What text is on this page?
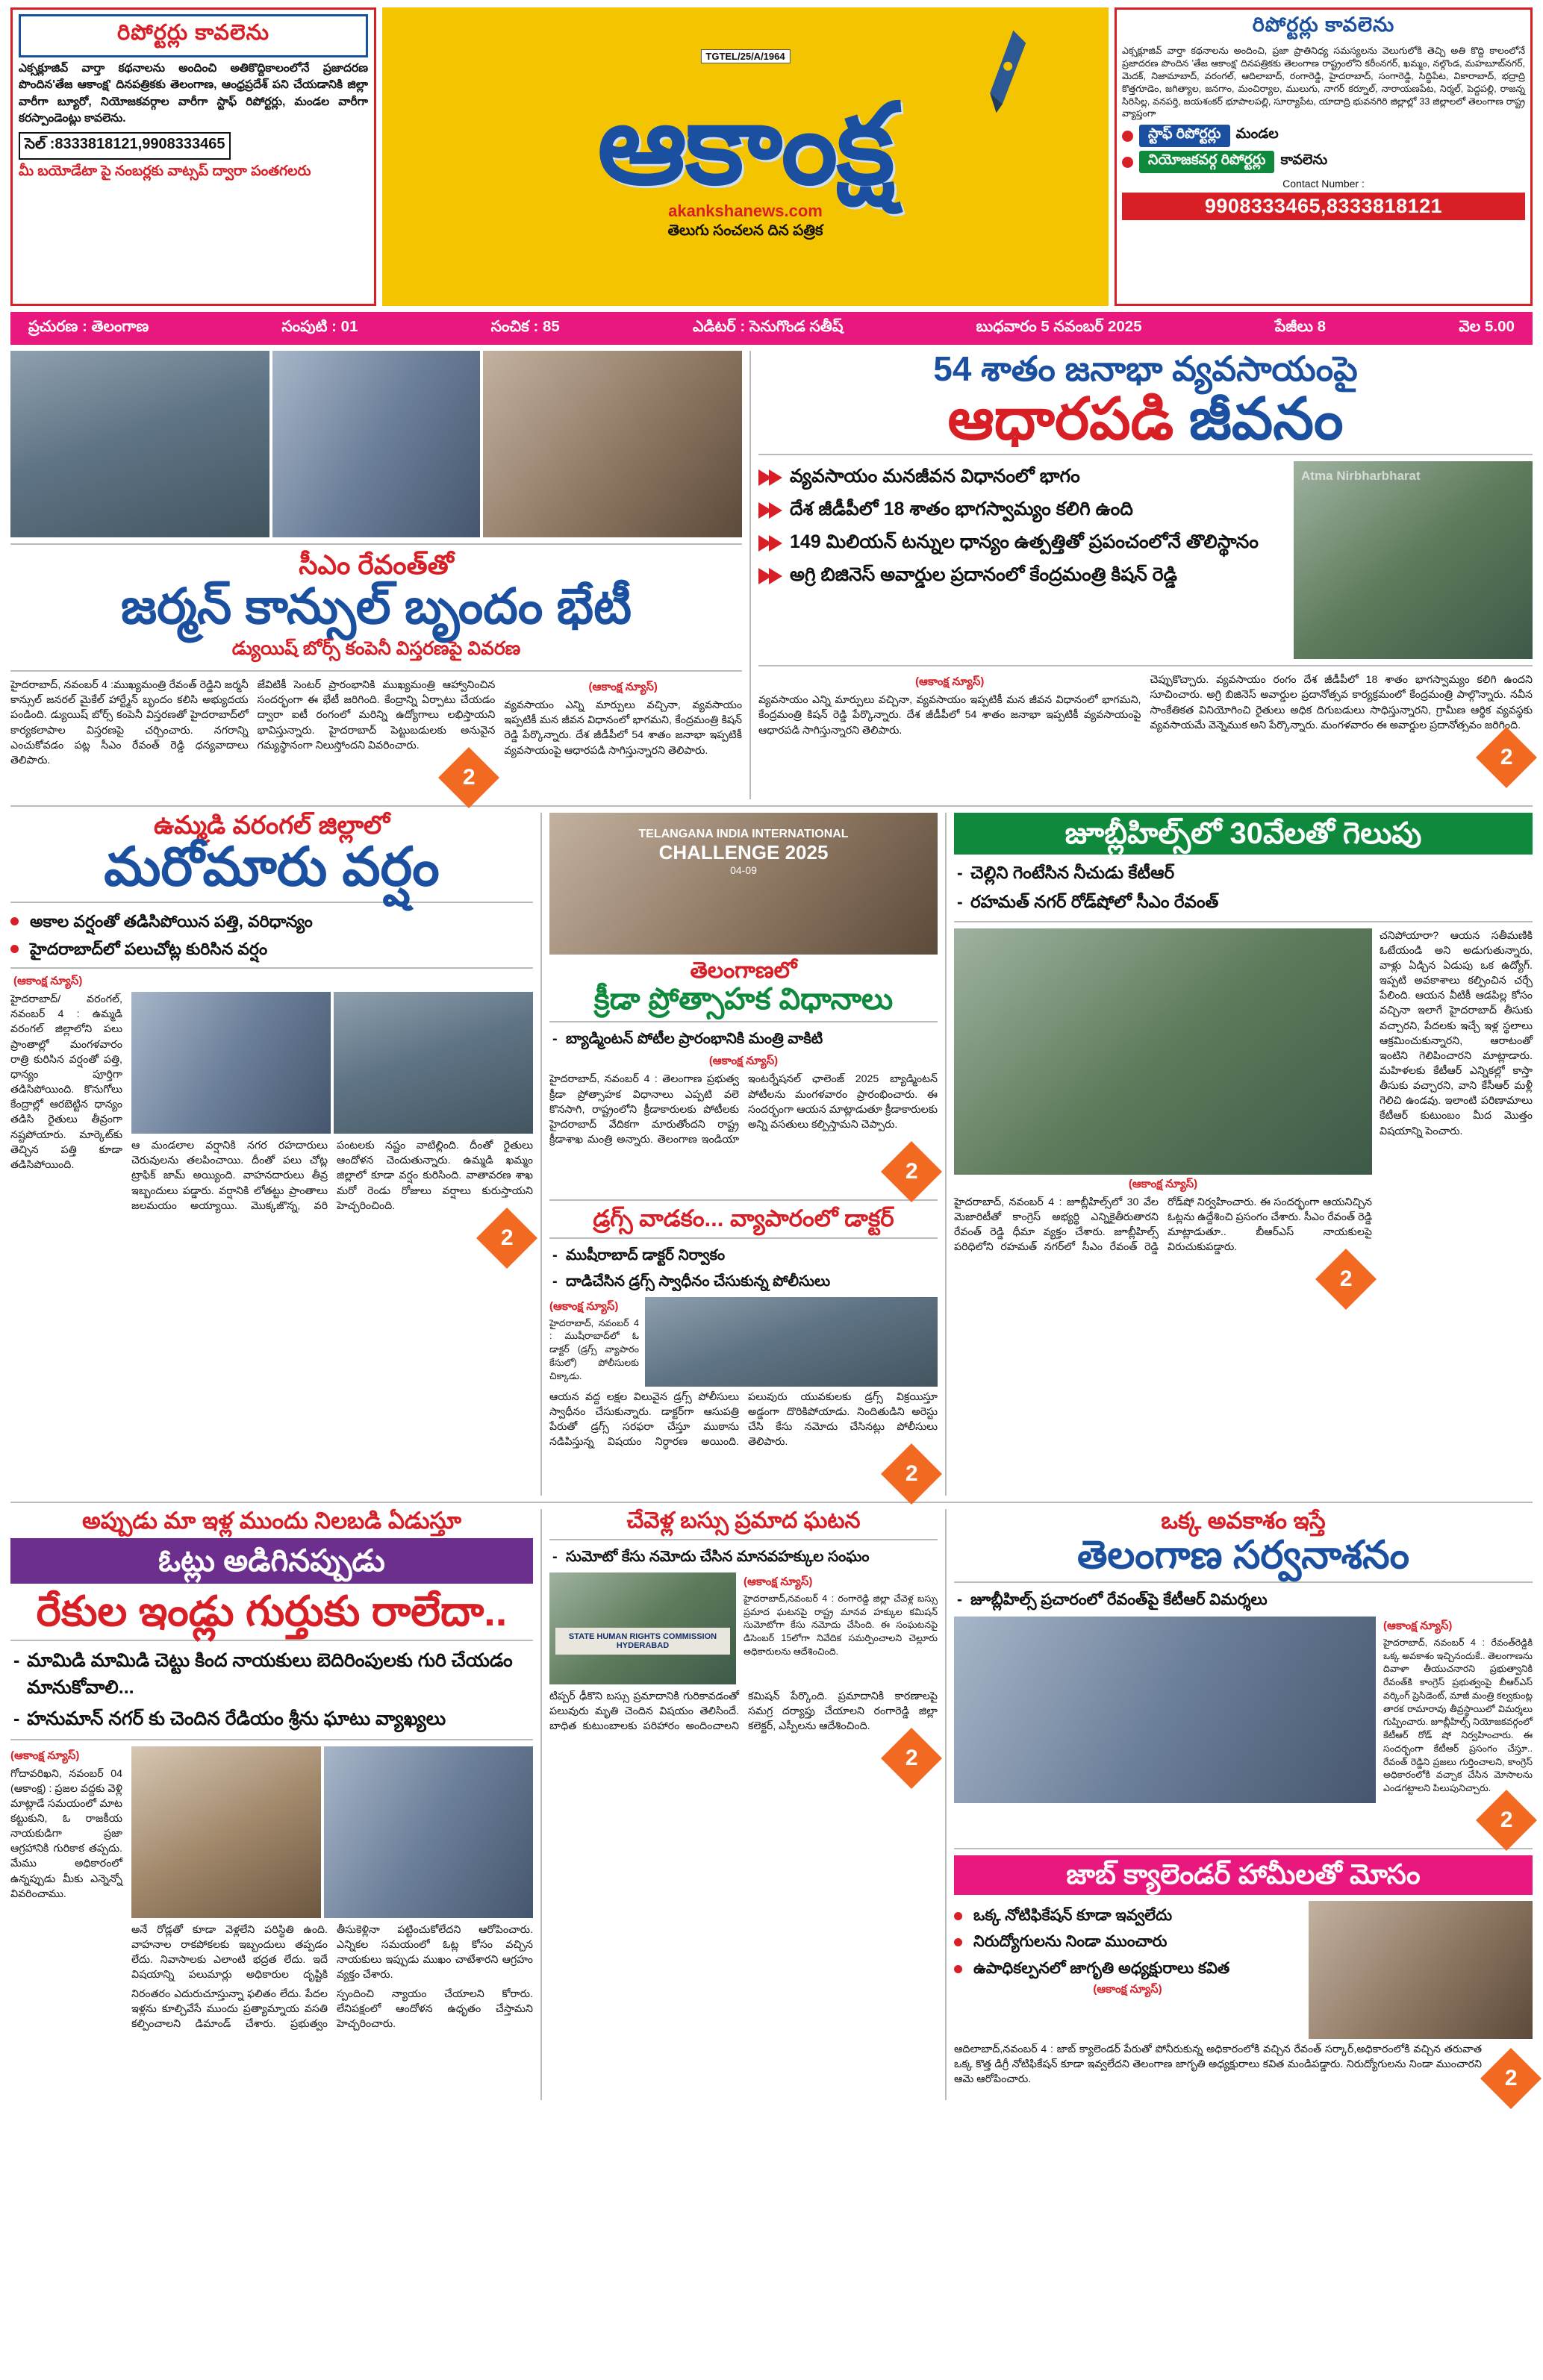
రిపోర్టర్లు కావలెను
ఎక్సక్లూజివ్ వార్తా కథనాలను అందించి అతికొద్దికాలంలోనే ప్రజాదరణ పొందిన'తేజ ఆకాంక్ష' దినపత్రికకు తెలంగాణ, ఆంధ్రప్రదేశ్ పని చేయడానికి జిల్లా వారీగా బ్యూరో, నియోజకవర్గాల వారీగా స్టాఫ్ రిపోర్టర్లు, మండల వారీగా కరస్పాండెంట్లు కావలెను.
సెల్ :8333818121,9908333465
మీ బయోడేటా పై నంబర్లకు వాట్సప్ ద్వారా పంతగలరు
TGTEL/25/A/1964
ఆకాంక్ష
akankshanews.com
తెలుగు సంచలన దిన పత్రిక
రిపోర్టర్లు కావలెను
ఎక్సక్లూజివ్ వార్తా కథనాలను అందించి, ప్రజా ప్రాతినిధ్య సమస్యలను వెలుగులోకి తెచ్చి అతి కొద్ది కాలంలోనే ప్రజాదరణ పొందిన 'తేజ ఆకాంక్ష' దినపత్రికకు తెలంగాణ రాష్ట్రంలోని కరీంనగర్, ఖమ్మం, నల్గొండ, మహబూబ్‌నగర్, మెదక్, నిజామాబాద్, వరంగల్, ఆదిలాబాద్, రంగారెడ్డి, హైదరాబాద్, సంగారెడ్డి, సిద్ధిపేట, వికారాబాద్, భద్రాద్రి కొత్తగూడెం, జగిత్యాల, జనగాం, మంచిర్యాల, ములుగు, నాగర్ కర్నూల్, నారాయణపేట, నిర్మల్, పెద్దపల్లి, రాజన్న సిరిసిల్ల, వనపర్తి, జయశంకర్ భూపాలపల్లి, సూర్యాపేట, యాదాద్రి భువనగిరి జిల్లాల్లో 33 జిల్లాలలో తెలంగాణ రాష్ట్ర వ్యాప్తంగా
స్టాఫ్ రిపోర్టర్లు	మండల
నియోజకవర్గ రిపోర్టర్లు	కావలెను
Contact Number :
9908333465,8333818121
ప్రచురణ : తెలంగాణ	సంపుటి : 01	సంచిక : 85	ఎడిటర్ : సెనుగొండ సతీష్	బుధవారం 5 నవంబర్ 2025	పేజీలు 8	వెల 5.00
సీఎం రేవంత్‌తో
జర్మన్ కాన్సుల్ బృందం భేటీ
డ్యుయిష్ బోర్స్ కంపెనీ విస్తరణపై వివరణ
హైదరాబాద్, నవంబర్ 4 :ముఖ్యమంత్రి రేవంత్ రెడ్డిని జర్మనీ కాన్సుల్ జనరల్ మైకేల్ హార్ట్మేన్ బృందం కలిసి అభ్యుదయ పండింది. డ్యుయిష్ బోర్స్ కంపెనీ విస్తరణతో హైదరాబాద్‌లో కార్యకలాపాల విస్తరణపై చర్చించారు. నగరాన్ని ఎంచుకోవడం పట్ల సీఎం రేవంత్ రెడ్డి ధన్యవాదాలు తెలిపారు.
జేవిటికీ సెంటర్ ప్రారంభానికి ముఖ్యమంత్రి ఆహ్వానించిన సందర్భంగా ఈ భేటీ జరిగింది. కేంద్రాన్ని ఏర్పాటు చేయడం ద్వారా ఐటీ రంగంలో మరిన్ని ఉద్యోగాలు లభిస్తాయని భావిస్తున్నారు. హైదరాబాద్ పెట్టుబడులకు అనువైన గమ్యస్థానంగా నిలుస్తోందని వివరించారు.
2
(ఆకాంక్ష న్యూస్)
వ్యవసాయం ఎన్ని మార్పులు వచ్చినా, వ్యవసాయం ఇప్పటికీ మన జీవన విధానంలో భాగమని, కేంద్రమంత్రి కిషన్ రెడ్డి పేర్కొన్నారు. దేశ జీడీపీలో 54 శాతం జనాభా ఇప్పటికీ వ్యవసాయంపై ఆధారపడి సాగిస్తున్నారని తెలిపారు.
54 శాతం జనాభా వ్యవసాయంపై
ఆధారపడి జీవనం
వ్యవసాయం మనజీవన విధానంలో భాగం
దేశ జీడీపీలో 18 శాతం భాగస్వామ్యం కలిగి ఉంది
149 మిలియన్ టన్నుల ధాన్యం ఉత్పత్తితో ప్రపంచంలోనే తొలిస్థానం
అగ్రి బిజినెస్ అవార్డుల ప్రదానంలో కేంద్రమంత్రి కిషన్ రెడ్డి
Atma Nirbharbharat
(ఆకాంక్ష న్యూస్)
వ్యవసాయం ఎన్ని మార్పులు వచ్చినా, వ్యవసాయం ఇప్పటికీ మన జీవన విధానంలో భాగమని, కేంద్రమంత్రి కిషన్ రెడ్డి పేర్కొన్నారు. దేశ జీడీపీలో 54 శాతం జనాభా ఇప్పటికీ వ్యవసాయంపై ఆధారపడి సాగిస్తున్నారని తెలిపారు.
చెప్పుకొచ్చారు. వ్యవసాయం రంగం దేశ జీడీపీలో 18 శాతం భాగస్వామ్యం కలిగి ఉందని సూచించారు. అగ్రి బిజినెస్ అవార్డుల ప్రదానోత్సవ కార్యక్రమంలో కేంద్రమంత్రి పాల్గొన్నారు. నవీన సాంకేతికత వినియోగించి రైతులు అధిక దిగుబడులు సాధిస్తున్నారని, గ్రామీణ ఆర్థిక వ్యవస్థకు వ్యవసాయమే వెన్నెముక అని పేర్కొన్నారు. మంగళవారం ఈ అవార్డుల ప్రదానోత్సవం జరిగింది.
2
ఉమ్మడి వరంగల్ జిల్లాలో
మరోమారు వర్షం
అకాల వర్షంతో తడిసిపోయిన పత్తి, వరిధాన్యం
హైదరాబాద్‌లో పలుచోట్ల కురిసిన వర్షం
(ఆకాంక్ష న్యూస్)
హైదరాబాద్/ వరంగల్, నవంబర్ 4 : ఉమ్మడి వరంగల్ జిల్లాలోని పలు ప్రాంతాల్లో మంగళవారం రాత్రి కురిసిన వర్షంతో పత్తి, ధాన్యం పూర్తిగా తడిసిపోయింది. కొనుగోలు కేంద్రాల్లో ఆరబెట్టిన ధాన్యం తడిసి రైతులు తీవ్రంగా నష్టపోయారు. మార్కెట్‌కు తెచ్చిన పత్తి కూడా తడిసిపోయింది.
ఆ మండలాల వర్షానికి నగర రహదారులు చెరువులను తలపించాయి. దీంతో పలు చోట్ల ట్రాఫిక్ జామ్ అయ్యింది. వాహనదారులు తీవ్ర ఇబ్బందులు పడ్డారు. వర్షానికి లోతట్టు ప్రాంతాలు జలమయం అయ్యాయి. మొక్కజొన్న, వరి పంటలకు నష్టం వాటిల్లింది. దీంతో రైతులు ఆందోళన చెందుతున్నారు. ఉమ్మడి ఖమ్మం జిల్లాలో కూడా వర్షం కురిసింది. వాతావరణ శాఖ మరో రెండు రోజులు వర్షాలు కురుస్తాయని హెచ్చరించింది.
2
TELANGANA INDIA INTERNATIONAL
CHALLENGE 2025
04-09
తెలంగాణలో
క్రీడా ప్రోత్సాహక విధానాలు
- బ్యాడ్మింటన్ పోటీల ప్రారంభానికి మంత్రి వాకిటి
(ఆకాంక్ష న్యూస్)
హైదరాబాద్, నవంబర్ 4 : తెలంగాణ ప్రభుత్వ క్రీడా ప్రోత్సాహక విధానాలు ఎప్పటి వలె కొనసాగి, రాష్ట్రంలోని క్రీడాకారులకు పోటీలకు హైదరాబాద్ వేదికగా మారుతోందని రాష్ట్ర క్రీడాశాఖ మంత్రి అన్నారు. తెలంగాణ ఇండియా ఇంటర్నేషనల్ ఛాలెంజ్ 2025 బ్యాడ్మింటన్ పోటీలను మంగళవారం ప్రారంభించారు. ఈ సందర్భంగా ఆయన మాట్లాడుతూ క్రీడాకారులకు అన్ని వసతులు కల్పిస్తామని చెప్పారు.
2
డ్రగ్స్ వాడకం... వ్యాపారంలో డాక్టర్
- ముషీరాబాద్ డాక్టర్ నిర్వాకం
- దాడిచేసిన డ్రగ్స్ స్వాధీనం చేసుకున్న పోలీసులు
(ఆకాంక్ష న్యూస్)
హైదరాబాద్, నవంబర్ 4 : ముషీరాబాద్‌లో ఓ డాక్టర్ (డ్రగ్స్ వ్యాపారం కేసులో) పోలీసులకు చిక్కాడు.
ఆయన వద్ద లక్షల విలువైన డ్రగ్స్ పోలీసులు స్వాధీనం చేసుకున్నారు. డాక్టర్‌గా ఆసుపత్రి పేరుతో డ్రగ్స్ సరఫరా చేస్తూ ముఠాను నడిపిస్తున్న విషయం నిర్ధారణ అయింది. పలువురు యువకులకు డ్రగ్స్ విక్రయిస్తూ అడ్డంగా దొరికిపోయాడు. నిందితుడిని అరెస్టు చేసి కేసు నమోదు చేసినట్లు పోలీసులు తెలిపారు.
2
జూబ్లీహిల్స్‌లో 30వేలతో గెలుపు
- చెల్లిని గెంటేసిన నీచుడు కేటీఆర్
- రహమత్ నగర్ రోడ్‌షోలో సీఎం రేవంత్
(ఆకాంక్ష న్యూస్)
హైదరాబాద్, నవంబర్ 4 : జూబ్లీహిల్స్‌లో 30 వేల మెజారిటీతో కాంగ్రెస్ అభ్యర్థి ఎన్నికైతీరుతారని రేవంత్ రెడ్డి ధీమా వ్యక్తం చేశారు. జూబ్లీహిల్స్ పరిధిలోని రహమత్ నగర్‌లో సీఎం రేవంత్ రెడ్డి రోడ్‌షో నిర్వహించారు. ఈ సందర్భంగా ఆయనిచ్చిన ఓట్లను ఉద్దేశించి ప్రసంగం చేశారు. సీఎం రేవంత్ రెడ్డి మాట్లాడుతూ.. బీఆర్ఎస్ నాయకులపై విరుచుకుపడ్డారు.
2
చనిపోయారా? ఆయన సతీమణికి ఓటేయండి అని అడుగుతున్నారు, వాళ్లు ఏడ్చిన ఏడుపు ఒక ఉద్యోగ్. ఇప్పటి అవకాశాలు కల్పించిన చర్చే పేలింది. ఆయన వీటికీ ఆడపిల్ల కోసం వచ్చినా ఇలాగే హైదరాబాద్ తీసుకు వచ్చారని, పేదలకు ఇచ్చే ఇళ్ల స్థలాలు ఆక్రమించుకున్నారని, ఆరాటంతో ఇంటిని గెలిపించారని మాట్లాడారు. మహిళలకు కేటీఆర్ ఎన్నికల్లో కాస్తా తీసుకు వచ్చారని, వాని కేసీఆర్ మళ్లీ గెలిచి ఉండవు. ఇలాంటి పరిణామాలు కేటీఆర్ కుటుంబం మీద మొత్తం విషయాన్ని పెంచారు.
అప్పుడు మా ఇళ్ల ముందు నిలబడి ఏడుస్తూ
ఓట్లు అడిగినప్పుడు
రేకుల ఇండ్లు గుర్తుకు రాలేదా..
- మామిడి మామిడి చెట్టు కింద నాయకులు బెదిరింపులకు గురి చేయడం మానుకోవాలి...
- హనుమాన్ నగర్ కు చెందిన రేడియం శ్రీను ఘాటు వ్యాఖ్యలు
(ఆకాంక్ష న్యూస్)
గోదావరిఖని, నవంబర్ 04 (ఆకాంక్ష) : ప్రజల వద్దకు వెళ్లి మాట్లాడే సమయంలో మాట కట్టుకుని, ఓ రాజకీయ నాయకుడిగా ప్రజా ఆగ్రహానికి గురికాక తప్పదు. మేము అధికారంలో ఉన్నప్పుడు మీకు ఎన్నెన్నో వివరించాము.
అనే రోడ్లతో కూడా వెళ్లలేని పరిస్థితి ఉంది. వాహనాల రాకపోకలకు ఇబ్బందులు తప్పడం లేదు. నివాసాలకు ఎలాంటి భద్రత లేదు. ఇదే విషయాన్ని పలుమార్లు అధికారుల దృష్టికి తీసుకెళ్లినా పట్టించుకోలేదని ఆరోపించారు. ఎన్నికల సమయంలో ఓట్ల కోసం వచ్చిన నాయకులు ఇప్పుడు ముఖం చాటేశారని ఆగ్రహం వ్యక్తం చేశారు.
నిరంతరం ఎదురుచూస్తున్నా ఫలితం లేదు. పేదల ఇళ్లను కూల్చివేసే ముందు ప్రత్యామ్నాయ వసతి కల్పించాలని డిమాండ్ చేశారు. ప్రభుత్వం స్పందించి న్యాయం చేయాలని కోరారు. లేనిపక్షంలో ఆందోళన ఉధృతం చేస్తామని హెచ్చరించారు.
చేవెళ్ల బస్సు ప్రమాద ఘటన
- సుమోటో కేసు నమోదు చేసిన మానవహక్కుల సంఘం
STATE HUMAN RIGHTS COMMISSION HYDERABAD
(ఆకాంక్ష న్యూస్)
హైదరాబాద్,నవంబర్ 4 : రంగారెడ్డి జిల్లా చేవెళ్ల బస్సు ప్రమాద ఘటనపై రాష్ట్ర మానవ హక్కుల కమిషన్ సుమోటోగా కేసు నమోదు చేసింది. ఈ సంఘటనపై డిసెంబర్ 15లోగా నివేదిక సమర్పించాలని చెల్లూరు అధికారులను ఆదేశించింది.
టిప్పర్ ఢీకొని బస్సు ప్రమాదానికి గురికావడంతో పలువురు మృతి చెందిన విషయం తెలిసిందే. బాధిత కుటుంబాలకు పరిహారం అందించాలని కమిషన్ పేర్కొంది. ప్రమాదానికి కారణాలపై సమగ్ర దర్యాప్తు చేయాలని రంగారెడ్డి జిల్లా కలెక్టర్, ఎస్పీలను ఆదేశించింది.
2
ఒక్క అవకాశం ఇస్తే
తెలంగాణ సర్వనాశనం
- జూబ్లీహిల్స్ ప్రచారంలో రేవంత్‌పై కేటీఆర్ విమర్శలు
(ఆకాంక్ష న్యూస్)
హైదరాబాద్, నవంబర్ 4 : రేవంత్‌రెడ్డికి ఒక్క అవకాశం ఇచ్చినందుకే.. తెలంగాణను దివాళా తీయుచనారని ప్రభుత్వానికి రేవంత్‌కి కాంగ్రెస్ ప్రభుత్వంపై బీఆర్ఎస్ వర్కింగ్ ప్రెసిడెంట్, మాజీ మంత్రి కల్వకుంట్ల తారక రామారావు తీవ్రస్థాయిలో విమర్శలు గుప్పించారు. జూబ్లీహిల్స్ నియోజకవర్గంలో కేటీఆర్ రోడ్ షో నిర్వహించారు. ఈ సందర్భంగా కేటీఆర్ ప్రసంగం చేస్తూ.. రేవంత్ రెడ్డిని ప్రజలు గుర్తించాలని, కాంగ్రెస్ అధికారంలోకి వచ్చాక చేసిన మోసాలను ఎండగట్టాలని పిలుపునిచ్చారు.
2
జాబ్ క్యాలెండర్ హామీలతో మోసం
ఒక్క నోటిఫికేషన్ కూడా ఇవ్వలేదు
నిరుద్యోగులను నిండా ముంచారు
ఉపాధికల్పనలో జాగృతి అధ్యక్షురాలు కవిత
(ఆకాంక్ష న్యూస్)
ఆదిలాబాద్,నవంబర్ 4 : జాబ్ క్యాలెండర్ పేరుతో పోనీరుకున్న అధికారంలోకి వచ్చిన రేవంత్ సర్కార్,అధికారంలోకి వచ్చిన తరువాత ఒక్క కొత్త డిగ్రీ నోటిఫికేషన్ కూడా ఇవ్వలేదని తెలంగాణ జాగృతి అధ్యక్షురాలు కవిత మండిపడ్డారు. నిరుద్యోగులను నిండా ముంచారని ఆమె ఆరోపించారు.	2
